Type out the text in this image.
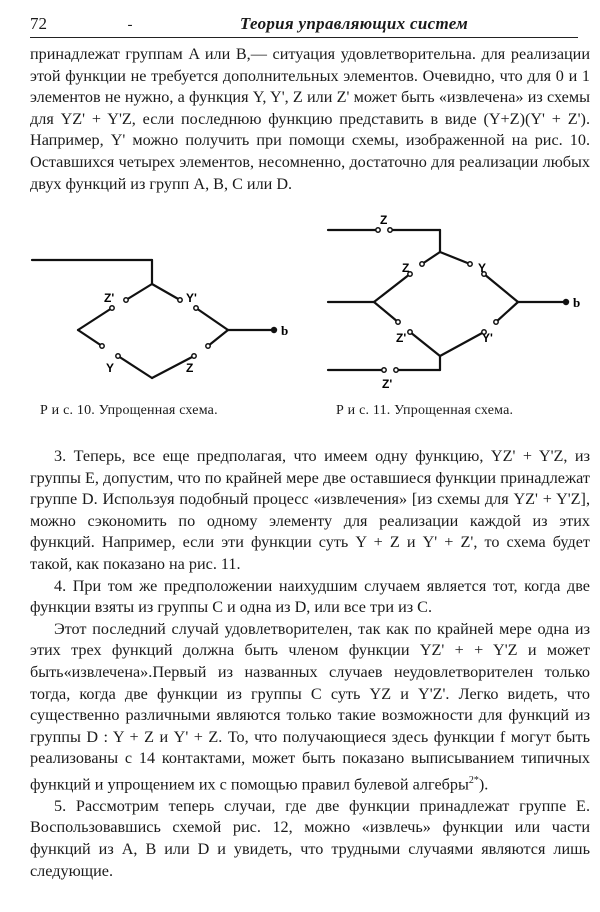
72	-	Теория управляющих систем

принадлежат группам A или B,— ситуация удовлетворительна. для реализации этой функции не требуется дополнительных элементов. Очевидно, что для 0 и 1 элементов не нужно, а функция Y, Y', Z или Z' может быть «извлечена» из схемы для YZ' + Y'Z, если последнюю функцию представить в виде (Y+Z)(Y' + Z'). Например, Y' можно получить при помощи схемы, изображенной на рис. 10. Оставшихся четырех элементов, несомненно, достаточно для реализации любых двух функций из групп A, B, C или D.

Z'	Y'
Y	Z
b
Р и с. 10. Упрощенная схема.
Z
Z	Y
Z'	Y'
Z'
b
Р и с. 11. Упрощенная схема.

3. Теперь, все еще предполагая, что имеем одну функцию, YZ' + Y'Z, из группы E, допустим, что по крайней мере две оставшиеся функции принадлежат группе D. Используя подобный процесс «извлечения» [из схемы для YZ' + Y'Z], можно сэкономить по одному элементу для реализации каждой из этих функций. Например, если эти функции суть Y + Z и Y' + Z', то схема будет такой, как показано на рис. 11.

4. При том же предположении наихудшим случаем является тот, когда две функции взяты из группы C и одна из D, или все три из C.

Этот последний случай удовлетворителен, так как по крайней мере одна из этих трех функций должна быть членом функции YZ' + + Y'Z и может быть«извлечена».Первый из названных случаев неудовлетворителен только тогда, когда две функции из группы C суть YZ и Y'Z'. Легко видеть, что существенно различными являются только такие возможности для функций из группы D : Y + Z и Y' + Z. То, что получающиеся здесь функции f могут быть реализованы с 14 контактами, может быть показано выписыванием типичных функций и упрощением их с помощью правил булевой алгебры$^{2*}$).

5. Рассмотрим теперь случаи, где две функции принадлежат группе E. Воспользовавшись схемой рис. 12, можно «извлечь» функции или части функций из A, B или D и увидеть, что трудными случаями являются лишь следующие.
